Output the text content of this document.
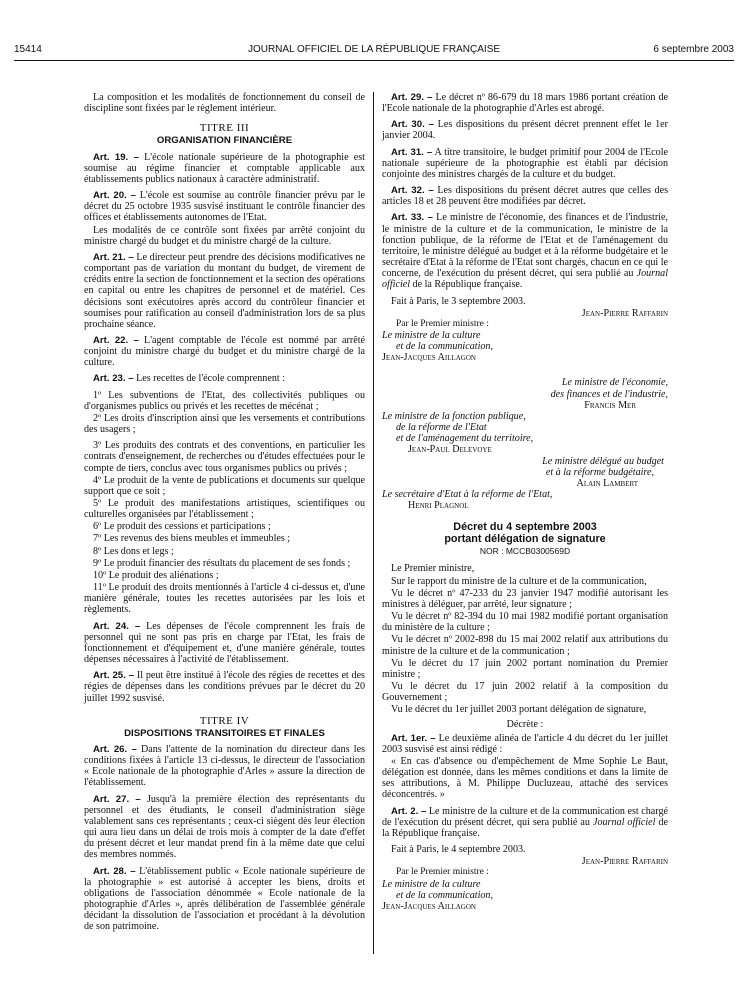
15414	JOURNAL OFFICIEL DE LA RÉPUBLIQUE FRANÇAISE	6 septembre 2003

La composition et les modalités de fonctionnement du conseil de discipline sont fixées par le règlement intérieur.

TITRE III
ORGANISATION FINANCIÈRE

Art. 19. – L'école nationale supérieure de la photographie est soumise au régime financier et comptable applicable aux établissements publics nationaux à caractère administratif.

Art. 20. – L'école est soumise au contrôle financier prévu par le décret du 25 octobre 1935 susvisé instituant le contrôle financier des offices et établissements autonomes de l'Etat.

Les modalités de ce contrôle sont fixées par arrêté conjoint du ministre chargé du budget et du ministre chargé de la culture.

Art. 21. – Le directeur peut prendre des décisions modificatives ne comportant pas de variation du montant du budget, de virement de crédits entre la section de fonctionnement et la section des opérations en capital ou entre les chapitres de personnel et de matériel. Ces décisions sont exécutoires après accord du contrôleur financier et soumises pour ratification au conseil d'administration lors de sa plus prochaine séance.

Art. 22. – L'agent comptable de l'école est nommé par arrêté conjoint du ministre chargé du budget et du ministre chargé de la culture.

Art. 23. – Les recettes de l'école comprennent :

1º Les subventions de l'Etat, des collectivités publiques ou d'organismes publics ou privés et les recettes de mécénat ;

2º Les droits d'inscription ainsi que les versements et contributions des usagers ;

3º Les produits des contrats et des conventions, en particulier les contrats d'enseignement, de recherches ou d'études effectuées pour le compte de tiers, conclus avec tous organismes publics ou privés ;

4º Le produit de la vente de publications et documents sur quelque support que ce soit ;

5º Le produit des manifestations artistiques, scientifiques ou culturelles organisées par l'établissement ;

6º Le produit des cessions et participations ;

7º Les revenus des biens meubles et immeubles ;

8º Les dons et legs ;

9º Le produit financier des résultats du placement de ses fonds ;

10º Le produit des aliénations ;

11º Le produit des droits mentionnés à l'article 4 ci-dessus et, d'une manière générale, toutes les recettes autorisées par les lois et règlements.

Art. 24. – Les dépenses de l'école comprennent les frais de personnel qui ne sont pas pris en charge par l'Etat, les frais de fonctionnement et d'équipement et, d'une manière générale, toutes dépenses nécessaires à l'activité de l'établissement.

Art. 25. – Il peut être institué à l'école des régies de recettes et des régies de dépenses dans les conditions prévues par le décret du 20 juillet 1992 susvisé.

TITRE IV
DISPOSITIONS TRANSITOIRES ET FINALES

Art. 26. – Dans l'attente de la nomination du directeur dans les conditions fixées à l'article 13 ci-dessus, le directeur de l'association « Ecole nationale de la photographie d'Arles » assure la direction de l'établissement.

Art. 27. – Jusqu'à la première élection des représentants du personnel et des étudiants, le conseil d'administration siège valablement sans ces représentants ; ceux-ci siègent dès leur élection qui aura lieu dans un délai de trois mois à compter de la date d'effet du présent décret et leur mandat prend fin à la même date que celui des membres nommés.

Art. 28. – L'établissement public « Ecole nationale supérieure de la photographie » est autorisé à accepter les biens, droits et obligations de l'association dénommée « Ecole nationale de la photographie d'Arles », après délibération de l'assemblée générale décidant la dissolution de l'association et procédant à la dévolution de son patrimoine.

Art. 29. – Le décret nº 86-679 du 18 mars 1986 portant création de l'Ecole nationale de la photographie d'Arles est abrogé.

Art. 30. – Les dispositions du présent décret prennent effet le 1er janvier 2004.

Art. 31. – A titre transitoire, le budget primitif pour 2004 de l'Ecole nationale supérieure de la photographie est établi par décision conjointe des ministres chargés de la culture et du budget.

Art. 32. – Les dispositions du présent décret autres que celles des articles 18 et 28 peuvent être modifiées par décret.

Art. 33. – Le ministre de l'économie, des finances et de l'industrie, le ministre de la culture et de la communication, le ministre de la fonction publique, de la réforme de l'Etat et de l'aménagement du territoire, le ministre délégué au budget et à la réforme budgétaire et le secrétaire d'Etat à la réforme de l'Etat sont chargés, chacun en ce qui le concerne, de l'exécution du présent décret, qui sera publié au Journal officiel de la République française.

Fait à Paris, le 3 septembre 2003.

Jean-Pierre Raffarin
Par le Premier ministre :
Le ministre de la culture
et de la communication,
Jean-Jacques Aillagon
Le ministre de l'économie,
des finances et de l'industrie,
Francis Mer
Le ministre de la fonction publique,
de la réforme de l'Etat
et de l'aménagement du territoire,
Jean-Paul Delevoye
Le ministre délégué au budget
et à la réforme budgétaire,
Alain Lambert
Le secrétaire d'Etat à la réforme de l'Etat,
Henri Plagnol
Décret du 4 septembre 2003
portant délégation de signature
NOR : MCCB0300569D

Le Premier ministre,

Sur le rapport du ministre de la culture et de la communication,

Vu le décret nº 47-233 du 23 janvier 1947 modifié autorisant les ministres à déléguer, par arrêté, leur signature ;

Vu le décret nº 82-394 du 10 mai 1982 modifié portant organisation du ministère de la culture ;

Vu le décret nº 2002-898 du 15 mai 2002 relatif aux attributions du ministre de la culture et de la communication ;

Vu le décret du 17 juin 2002 portant nomination du Premier ministre ;

Vu le décret du 17 juin 2002 relatif à la composition du Gouvernement ;

Vu le décret du 1er juillet 2003 portant délégation de signature,

Décrète :

Art. 1er. – Le deuxième alinéa de l'article 4 du décret du 1er juillet 2003 susvisé est ainsi rédigé :

« En cas d'absence ou d'empêchement de Mme Sophie Le Baut, délégation est donnée, dans les mêmes conditions et dans la limite de ses attributions, à M. Philippe Ducluzeau, attaché des services déconcentrés. »

Art. 2. – Le ministre de la culture et de la communication est chargé de l'exécution du présent décret, qui sera publié au Journal officiel de la République française.

Fait à Paris, le 4 septembre 2003.

Jean-Pierre Raffarin
Par le Premier ministre :
Le ministre de la culture
et de la communication,
Jean-Jacques Aillagon
